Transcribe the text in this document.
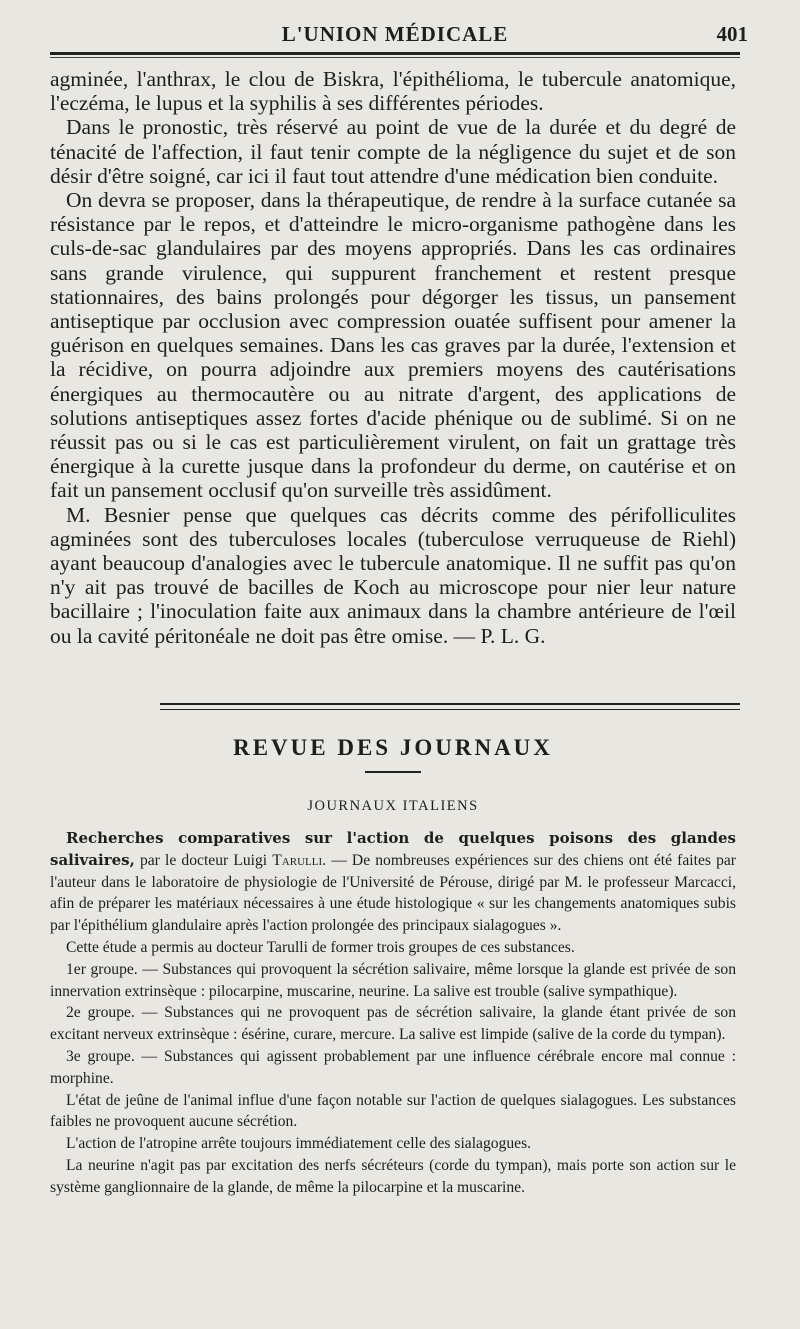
L'UNION MÉDICALE	401

agminée, l'anthrax, le clou de Biskra, l'épithélioma, le tubercule anatomique, l'eczéma, le lupus et la syphilis à ses différentes périodes.

Dans le pronostic, très réservé au point de vue de la durée et du degré de ténacité de l'affection, il faut tenir compte de la négligence du sujet et de son désir d'être soigné, car ici il faut tout attendre d'une médication bien conduite.

On devra se proposer, dans la thérapeutique, de rendre à la surface cutanée sa résistance par le repos, et d'atteindre le micro-organisme pathogène dans les culs-de-sac glandulaires par des moyens appropriés. Dans les cas ordinaires sans grande virulence, qui suppurent franchement et restent presque stationnaires, des bains prolongés pour dégorger les tissus, un pansement antiseptique par occlusion avec compression ouatée suffisent pour amener la guérison en quelques semaines. Dans les cas graves par la durée, l'extension et la récidive, on pourra adjoindre aux premiers moyens des cautérisations énergiques au thermocautère ou au nitrate d'argent, des applications de solutions antiseptiques assez fortes d'acide phénique ou de sublimé. Si on ne réussit pas ou si le cas est particulièrement virulent, on fait un grattage très énergique à la curette jusque dans la profondeur du derme, on cautérise et on fait un pansement occlusif qu'on surveille très assidûment.

M. Besnier pense que quelques cas décrits comme des périfolliculites agminées sont des tuberculoses locales (tuberculose verruqueuse de Riehl) ayant beaucoup d'analogies avec le tubercule anatomique. Il ne suffit pas qu'on n'y ait pas trouvé de bacilles de Koch au microscope pour nier leur nature bacillaire ; l'inoculation faite aux animaux dans la chambre antérieure de l'œil ou la cavité péritonéale ne doit pas être omise. — P. L. G.

REVUE DES JOURNAUX
JOURNAUX ITALIENS

Recherches comparatives sur l'action de quelques poisons des glandes salivaires, par le docteur Luigi Tarulli. — De nombreuses expériences sur des chiens ont été faites par l'auteur dans le laboratoire de physiologie de l'Université de Pérouse, dirigé par M. le professeur Marcacci, afin de préparer les matériaux nécessaires à une étude histologique « sur les changements anatomiques subis par l'épithélium glandulaire après l'action prolongée des principaux sialagogues ».

Cette étude a permis au docteur Tarulli de former trois groupes de ces substances.

1er groupe. — Substances qui provoquent la sécrétion salivaire, même lorsque la glande est privée de son innervation extrinsèque : pilocarpine, muscarine, neurine. La salive est trouble (salive sympathique).

2e groupe. — Substances qui ne provoquent pas de sécrétion salivaire, la glande étant privée de son excitant nerveux extrinsèque : ésérine, curare, mercure. La salive est limpide (salive de la corde du tympan).

3e groupe. — Substances qui agissent probablement par une influence cérébrale encore mal connue : morphine.

L'état de jeûne de l'animal influe d'une façon notable sur l'action de quelques sialagogues. Les substances faibles ne provoquent aucune sécrétion.

L'action de l'atropine arrête toujours immédiatement celle des sialagogues.

La neurine n'agit pas par excitation des nerfs sécréteurs (corde du tympan), mais porte son action sur le système ganglionnaire de la glande, de même la pilocarpine et la muscarine.
